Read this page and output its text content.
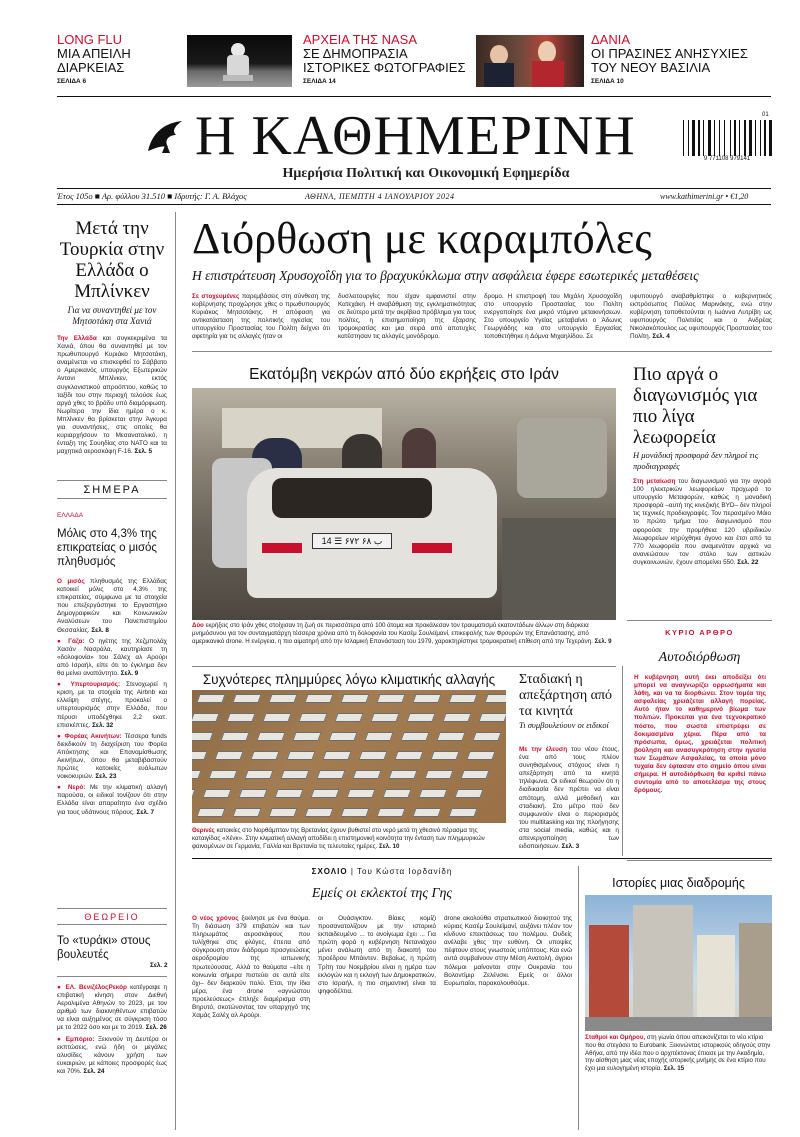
LONG FLU
ΜΙΑ ΑΠΕΙΛΗ
ΔΙΑΡΚΕΙΑΣ
ΣΕΛΙΔΑ 6
ΑΡΧΕΙΑ ΤΗΣ NASA
ΣΕ ΔΗΜΟΠΡΑΣΙΑ
ΙΣΤΟΡΙΚΕΣ ΦΩΤΟΓΡΑΦΙΕΣ
ΣΕΛΙΔΑ 14
ΔΑΝΙΑ
ΟΙ ΠΡΑΣΙΝΕΣ ΑΝΗΣΥΧΙΕΣ
ΤΟΥ ΝΕΟΥ ΒΑΣΙΛΙΑ
ΣΕΛΙΔΑ 10
Η ΚΑΘΗΜΕΡΙΝΗ
Ημερήσια Πολιτική και Οικονομική Εφημερίδα
9 771108 979141
01
Έτος 105ο ■ Αρ. φύλλου 31.510 ■ Ιδρυτής: Γ. Α. Βλάχος	ΑΘΗΝΑ, ΠΕΜΠΤΗ 4 ΙΑΝΟΥΑΡΙΟΥ 2024	www.kathimerini.gr • €1,20
Μετά την Τουρκία στην Ελλάδα ο Μπλίνκεν
Για να συναντηθεί με τον Μητσοτάκη στα Χανιά
Την Ελλάδα και συγκεκριμένα τα Χανιά, όπου θα συναντηθεί με τον πρωθυπουργό Κυριάκο Μητσοτάκη, αναμένεται να επισκεφθεί το Σάββατο ο Αμερικανός υπουργός Εξωτερικών Αντονι Μπλίνκεν, εκτός συγκλονιστικού απροόπτου, καθώς το ταξίδι του στην περιοχή τελούσε έως αργά χθες το βράδυ υπό διαμόρφωση. Νωρίτερα την ίδια ημέρα ο κ. Μπλίνκεν θα βρίσκεται στην Άγκυρα για συναντήσεις, στις οποίες θα κυριαρχήσουν το Μεσανατολικό, η ένταξη της Σουηδίας στο ΝΑΤΟ και τα μαχητικά αεροσκάφη F-16. Σελ. 5
ΣΗΜΕΡΑ
ΕΛΛΑΔΑ
Μόλις στο 4,3% της επικρατείας ο μισός πληθυσμός

Ο μισός πληθυσμός της Ελλάδας κατοικεί μόλις στο 4,3% της επικρατείας, σύμφωνα με τα στοιχεία που επεξεργάστηκε το Εργαστήριο Δημογραφικών και Κοινωνικών Αναλύσεων του Πανεπιστημίου Θεσσαλίας. Σελ. 8

● Γάζα: Ο ηγέτης της Χεζμπολάχ Χασάν Νασράλα, καυτηρίασε τη «δολοφονία» του Σάλεχ αλ Αρούρι από Ισραήλ, είπε ότι το έγκλημα δεν θα μείνει αναπάντητο. Σελ. 9

● Υπερτουρισμός: Στενοχωρεί η κριση, με τα στοιχεία της Airbnb και ελλείψη στέγης, προκαλεί ο υπερτουρισμός στην Ελλάδα, που πέρυσι υποδέχθηκε 2,2 εκατ. επισκέπτες. Σελ. 32

● Φορέας Ακινήτων: Τέσσερα funds διεκδικούν τη διαχείριση του Φορέα Απόκτησης και Επαναμίσθωσης Ακινήτων, όπου θα μεταβιβαστούν πρώτες κατοικίες ευάλωτων νοικοκυριών. Σελ. 23

● Νερό: Με την κλιματική αλλαγή παρούσα, οι ειδικοί τονίζουν ότι στην Ελλάδα είναι απαραίτητο ένα σχέδιο για τους υδάτινους πόρους. Σελ. 7

ΘΕΩΡΕΙΟ
Το «τυράκι» στους βουλευτές
Σελ. 2

● ΕΛ. ΒενιζέλοςΡεκόρ κατέγραψε η επιβατική κίνηση στον Διεθνή Αερολιμένα Αθηνών το 2023, με τον αριθμό των διακινηθέντων επιβατών να είναι αυξημένος σε σύγκριση τόσο με το 2022 όσο και με το 2019. Σελ. 26

● Εμπόριο: Ξεκινούν τη Δευτέρα οι εκπτώσεις, ενώ ήδη οι μεγάλες αλυσίδες κάνουν χρήση των ευκαιριών, με κάποιες προσφορές έως και 70%. Σελ. 24

Διόρθωση με καραμπόλες
Η επιστράτευση Χρυσοχοΐδη για το βραχυκύκλωμα στην ασφάλεια έφερε εσωτερικές μεταθέσεις
Σε στοχευμένες παρεμβάσεις στη σύνθεση της κυβέρνησης προχώρησε χθες ο πρωθυπουργός Κυριάκος Μητσοτάκης. Η απόφαση για αντικατάσταση της πολιτικής ηγεσίας του υπουργείου Προστασίας του Πολίτη δείχνει ότι αφετηρία για τις αλλαγές ήταν οι
δυσλειτουργίες που είχαν εμφανιστεί στην Κατεχάκη. Η αναβάθμιση της εγκληματικότητας σε δεύτερο μετά την ακρίβεια πρόβλημα για τους πολίτες, η επισημοποίηση της έξαρσης τρομοκρατίας και μια σειρά από αποτυχίες κατέστησαν τις αλλαγές μονόδρομο.
δρομο. Η επιστροφή του Μιχάλη Χρυσοχοΐδη στο υπουργείο Προστασίας του Πολίτη ενεργοποίησε ένα μικρό ντόμινο μετακινήσεων. Στο υπουργείο Υγείας μεταβαίνει ο Άδωνις Γεωργιάδης και στο υπουργείο Εργασίας τοποθετήθηκε η Δόμνα Μιχαηλίδου. Σε
υφυπουργό αναβαθμίστηκε ο κυβερνητικός εκπρόσωπος Παύλος Μαρινάκης, ενώ στην κυβέρνηση τοποθετούνται η Ιωάννα Λυτρίβη ως υφυπουργός Πολιτείας και ο Ανδρέας Νικολακόπουλος ως υφυπουργός Προστασίας του Πολίτη. Σελ. 4
Εκατόμβη νεκρών από δύο εκρήξεις στο Ιράν
14 ☰ ۶۷۲ ب ۶۸
Δύο εκρήξεις στο Ιράν χθες στοίχισαν τη ζωή σε περισσότερα από 100 άτομα και προκάλεσαν τον τραυματισμό εκατοντάδων άλλων στη διάρκεια μνημόσυνου για τον συνταγματάρχη τέσσερα χρόνια από τη δολοφονία του Κασέμ Σουλεϊμανί, επικεφαλής των Φρουρών της Επανάστασης, από αμερικανικό drone. Η ενέργεια, η πιο αιματηρή από την Ισλαμική Επανάσταση του 1979, χαρακτηρίστηκε τρομοκρατική επίθεση από την Τεχεράνη. Σελ. 9
Πιο αργά ο διαγωνισμός για πιο λίγα λεωφορεία
Η μονάδική προσφορά δεν πληροί τις προδιαγραφές
Στη μεταίωση του διαγωνισμού για την αγορά 100 ηλεκτρικών λεωφορείων προχωρά το υπουργείο Μεταφορών, καθώς η μοναδική προσφορά –αυτή της κινεζικής BYD– δεν πληροί τις τεχνικές προδιαγραφές. Τον περασμένο Μάιο το πρώτο τμήμα του διαγωνισμού που αφορούσε την προμήθεια 120 υβριδικών λεωφορείων κηρύχθηκε άγονο και έτσι από τα 770 λεωφορεία που αναμενόταν αρχικά να ανανεώσουν τον στόλο των αστικών συγκοινωνιών, έχουν απομείνει 550. Σελ. 22
ΚΥΡΙΟ ΑΡΘΡΟ
Αυτοδιόρθωση
Η κυβέρνηση αυτή έκει αποδείξει ότι μπορεί να αναγνωρίζει ορρωσήματα και λάθη, και να τα διορθώνει. Στον τομέα της ασφαλείας χρειάζεται αλλαγή πορείας. Αυτό ήταν το καθημερινό βίωμα των πολιτών. Προκειται για ένα τεχνοκρατικό πόστο, που σωστά επιστρέφει σε δοκιμασμένα χέρια. Πέρα από τα πρόσωπα, όμως, χρειάζεται πολιτική βούληση και ανασυγκρότηση στην ηγεσία των Σωμάτων Ασφαλείας, τα οποία μόνο τυχαία δεν έφτασαν στο σημείο όπου είναι σήμερα. Η αυτοδιόρθωση θα κριθεί πάνω συντομία από το αποτελέσμα της στους δρόμους.
Συχνότερες πλημμύρες λόγω κλιματικής αλλαγής
Θερινές κατοικίες στο Νορθάμπταν της Βρετανίας έχουν βυθιστεί στο νερό μετά τη χθεσινό πέρασμα της καταιγίδας «Χένκ». Στην κλιματική αλλαγή αποδίδει η επιστημονική κοινότητα την ένταση των πλημμυρικών φαινομένων σε Γερμανία, Γαλλία και Βρετανία τις τελευταίες ημέρες. Σελ. 10
Σταδιακή η απεξάρτηση από τα κινητά
Τι συμβουλεύουν οι ειδικοί
Με την έλευση του νέου έτους, ένα από τους πλέον συνηθισμένους στόχους είναι η απεξάρτηση από τα κινητά τηλέφωνα. Οι ειδικοί θεωρούν ότι η διαδικασία δεν πρέπει να είναι απότομη, αλλά μεθοδική και σταδιακή. Στο μέτρο πού δεν συμφωνούν είναι ο περιορισμός του multitasking και της πλοήγησης στα social media, καθώς και η απενεργοποίηση των ειδοποιήσεων. Σελ. 3
ΣΧΟΛΙΟ | Του Κώστα Ιορδανίδη
Εμείς οι εκλεκτοί της Γης
Ο νέος χρόνος ξεκίνησε με ένα θαύμα. Τη διάσωση 379 επιβατών και των πληρωμάτος αεροσκάφους που τυλίχθηκε στις φλόγες, έπειτα από σύγκρουση στον διάδρομο προσγειώσεις αεροδρομίου της ιαπωνικής πρωτεύουσας. Αλλά το θαύματα –είτε η κοινωνία σήμερα πιστεύει σε αυτά είτε όχι– δεν διαρκούν πολύ. Έτσι, την ίδια μέρα, ένα drone «αγνώστου προελεύσεως» έπληξε διαμέρισμα στη Βηρυτό, σκοτώνοντας τον υπαρχηγό της Χαμάς Σαλέχ αλ Αρούρι.
οι Ουάσιγκτον. Βίαιες κομίζι προσανατολίζουν με την ιστορικό εκπαιδευμένο ... το ανοίγωμα έχει ... Για πρώτη φορά η κυβέρνηση Νετανιάχου μένει ανάλωτη από τη διακοπή του προέδρου Μπάιντεν. Βεβαίως, η πρώτη Τρίτη του Νοεμβρίου είναι η ημέρα των εκλογών και η εκλογή των Δημοκρατικών, στο Ισραήλ, η πιο σημαντική είναι τα ψηφοδέλτια.
drone ακολούθει στρατιωτικού διοικητού της κύριας Κασέμ Σουλεϊμανί, αυξάνει πλέον τον κίνδυνο επεκτάσεως του πολέμου. Ουδείς ανέλαβε χθες την ευθύνη. Οι υποψίες πέφτουν στους γνωστούς υπόπτους. Και ενώ αυτά συμβαίνουν στην Μέση Ανατολή, άγριοι πόλεμοι μαίνονται στην Ουκρανία του Βολοντίμιρ Ζελένσκι. Εμείς οι άλλοι Ευρωπαίοι, παρακολουθούμε.
Ιστορίες μιας διαδρομής
Σταθμοί και Ομήρου, στη γωνία όπου απεικονίζεται το νέο κτίριο που θα στεγάσει το Eurobank. Ξεκινώντας ιστορικούς οδηγούς στην Αθήνα, από την ιδέα που ο αρχιτέκτονας έπιασε με την Ακαδημία, την αίσθηση μιας νέας εποχής ιστορικής μνήμης σε ένα κτίριο που έχει μια ευλογημένη ιστορία. Σελ. 15
